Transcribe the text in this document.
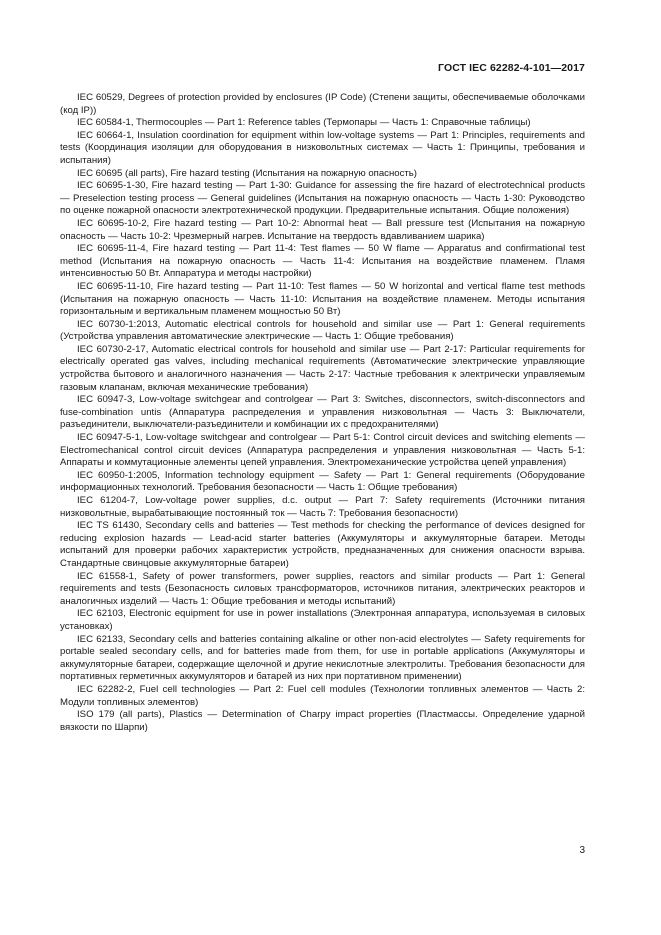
ГОСТ IEC 62282-4-101—2017

IEC 60529, Degrees of protection provided by enclosures (IP Code) (Степени защиты, обеспечиваемые оболочками (код IP))

IEC 60584-1, Thermocouples — Part 1: Reference tables (Термопары — Часть 1: Справочные таблицы)

IEC 60664-1, Insulation coordination for equipment within low-voltage systems — Part 1: Principles, requirements and tests (Координация изоляции для оборудования в низковольтных системах — Часть 1: Принципы, требования и испытания)

IEC 60695 (all parts), Fire hazard testing (Испытания на пожарную опасность)

IEC 60695-1-30, Fire hazard testing — Part 1-30: Guidance for assessing the fire hazard of electrotechnical products — Preselection testing process — General guidelines (Испытания на пожарную опасность — Часть 1-30: Руководство по оценке пожарной опасности электротехнической продукции. Предварительные испытания. Общие положения)

IEC 60695-10-2, Fire hazard testing — Part 10-2: Abnormal heat — Ball pressure test (Испытания на пожарную опасность — Часть 10-2: Чрезмерный нагрев. Испытание на твердость вдавливанием шарика)

IEC 60695-11-4, Fire hazard testing — Part 11-4: Test flames — 50 W flame — Apparatus and confirmational test method (Испытания на пожарную опасность — Часть 11-4: Испытания на воздействие пламенем. Пламя интенсивностью 50 Вт. Аппаратура и методы настройки)

IEC 60695-11-10, Fire hazard testing — Part 11-10: Test flames — 50 W horizontal and vertical flame test methods (Испытания на пожарную опасность — Часть 11-10: Испытания на воздействие пламенем. Методы испытания горизонтальным и вертикальным пламенем мощностью 50 Вт)

IEC 60730-1:2013, Automatic electrical controls for household and similar use — Part 1: General requirements (Устройства управления автоматические электрические — Часть 1: Общие требования)

IEC 60730-2-17, Automatic electrical controls for household and similar use — Part 2-17: Particular requirements for electrically operated gas valves, including mechanical requirements (Автоматические электрические управляющие устройства бытового и аналогичного назначения — Часть 2-17: Частные требования к электрически управляемым газовым клапанам, включая механические требования)

IEC 60947-3, Low-voltage switchgear and controlgear — Part 3: Switches, disconnectors, switch-disconnectors and fuse-combination untis (Аппаратура распределения и управления низковольтная — Часть 3: Выключатели, разъединители, выключатели-разъединители и комбинации их с предохранителями)

IEC 60947-5-1, Low-voltage switchgear and controlgear — Part 5-1: Control circuit devices and switching elements — Electromechanical control circuit devices (Аппаратура распределения и управления низковольтная — Часть 5-1: Аппараты и коммутационные элементы цепей управления. Электромеханические устройства цепей управления)

IEC 60950-1:2005, Information technology equipment — Safety — Part 1: General requirements (Оборудование информационных технологий. Требования безопасности — Часть 1: Общие требования)

IEC 61204-7, Low-voltage power supplies, d.c. output — Part 7: Safety requirements (Источники питания низковольтные, вырабатывающие постоянный ток — Часть 7: Требования безопасности)

IEC TS 61430, Secondary cells and batteries — Test methods for checking the performance of devices designed for reducing explosion hazards — Lead-acid starter batteries (Аккумуляторы и аккумуляторные батареи. Методы испытаний для проверки рабочих характеристик устройств, предназначенных для снижения опасности взрыва. Стандартные свинцовые аккумуляторные батареи)

IEC 61558-1, Safety of power transformers, power supplies, reactors and similar products — Part 1: General requirements and tests (Безопасность силовых трансформаторов, источников питания, электрических реакторов и аналогичных изделий — Часть 1: Общие требования и методы испытаний)

IEC 62103, Electronic equipment for use in power installations (Электронная аппаратура, используемая в силовых установках)

IEC 62133, Secondary cells and batteries containing alkaline or other non-acid electrolytes — Safety requirements for portable sealed secondary cells, and for batteries made from them, for use in portable applications (Аккумуляторы и аккумуляторные батареи, содержащие щелочной и другие некислотные электролиты. Требования безопасности для портативных герметичных аккумуляторов и батарей из них при портативном применении)

IEC 62282-2, Fuel cell technologies — Part 2: Fuel cell modules (Технологии топливных элементов — Часть 2: Модули топливных элементов)

ISO 179 (all parts), Plastics — Determination of Charpy impact properties (Пластмассы. Определение ударной вязкости по Шарпи)

3
